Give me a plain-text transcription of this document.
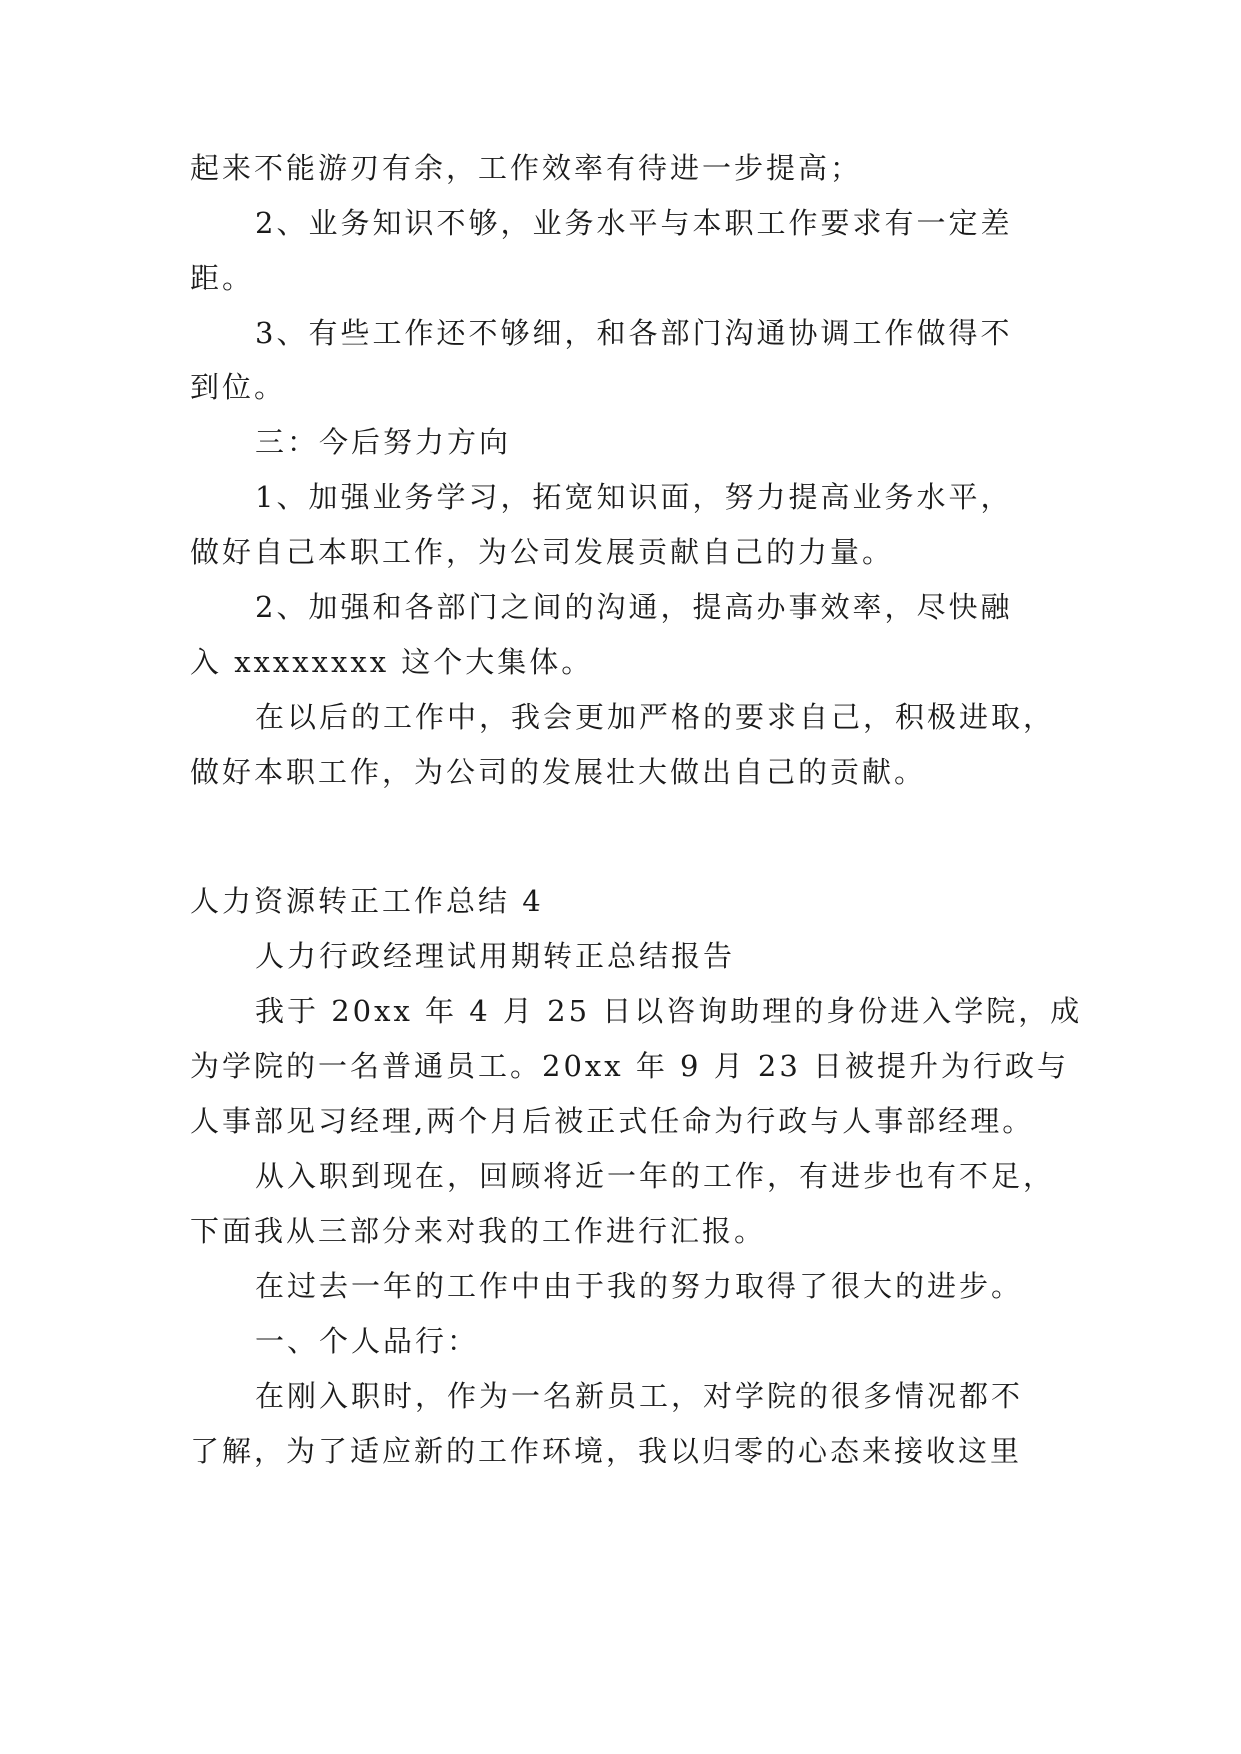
起来不能游刃有余，工作效率有待进一步提高；
2、业务知识不够，业务水平与本职工作要求有一定差
距。
3、有些工作还不够细，和各部门沟通协调工作做得不
到位。
三：今后努力方向
1、加强业务学习，拓宽知识面，努力提高业务水平，
做好自己本职工作，为公司发展贡献自己的力量。
2、加强和各部门之间的沟通，提高办事效率，尽快融
入 xxxxxxxx 这个大集体。
在以后的工作中，我会更加严格的要求自己，积极进取，
做好本职工作，为公司的发展壮大做出自己的贡献。
人力资源转正工作总结 4
人力行政经理试用期转正总结报告
我于 20xx 年 4 月 25 日以咨询助理的身份进入学院，成
为学院的一名普通员工。20xx 年 9 月 23 日被提升为行政与
人事部见习经理,两个月后被正式任命为行政与人事部经理。
从入职到现在，回顾将近一年的工作，有进步也有不足，
下面我从三部分来对我的工作进行汇报。
在过去一年的工作中由于我的努力取得了很大的进步。
一、个人品行：
在刚入职时，作为一名新员工，对学院的很多情况都不
了解，为了适应新的工作环境，我以归零的心态来接收这里
